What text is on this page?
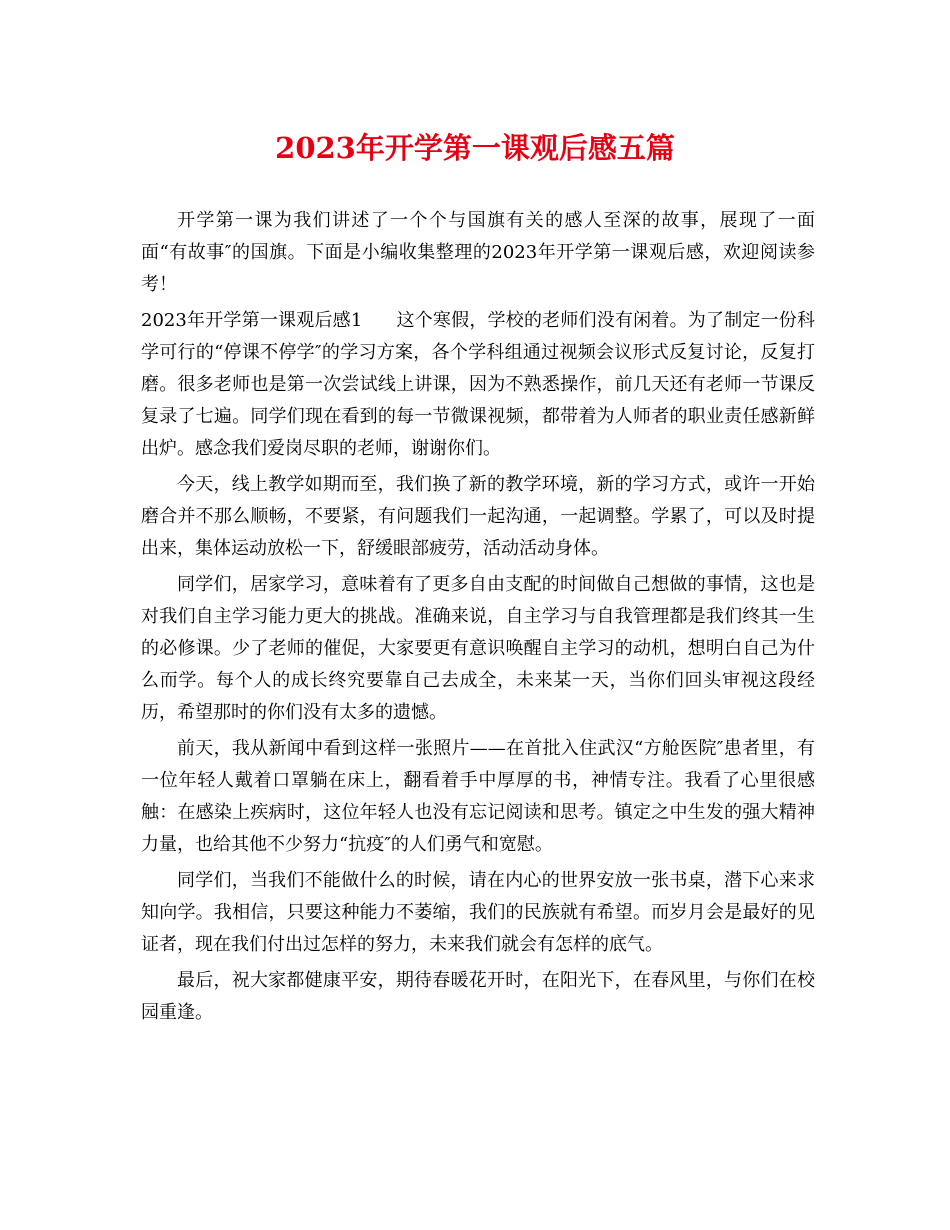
2023年开学第一课观后感五篇

开学第一课为我们讲述了一个个与国旗有关的感人至深的故事，展现了一面面“有故事″的国旗。下面是小编收集整理的2023年开学第一课观后感，欢迎阅读参考！

2023年开学第一课观后感1 这个寒假，学校的老师们没有闲着。为了制定一份科学可行的“停课不停学″的学习方案，各个学科组通过视频会议形式反复讨论，反复打磨。很多老师也是第一次尝试线上讲课，因为不熟悉操作，前几天还有老师一节课反复录了七遍。同学们现在看到的每一节微课视频，都带着为人师者的职业责任感新鲜出炉。感念我们爱岗尽职的老师，谢谢你们。

今天，线上教学如期而至，我们换了新的教学环境，新的学习方式，或许一开始磨合并不那么顺畅，不要紧，有问题我们一起沟通，一起调整。学累了，可以及时提出来，集体运动放松一下，舒缓眼部疲劳，活动活动身体。

同学们，居家学习，意味着有了更多自由支配的时间做自己想做的事情，这也是对我们自主学习能力更大的挑战。准确来说，自主学习与自我管理都是我们终其一生的必修课。少了老师的催促，大家要更有意识唤醒自主学习的动机，想明白自己为什么而学。每个人的成长终究要靠自己去成全，未来某一天，当你们回头审视这段经历，希望那时的你们没有太多的遗憾。

前天，我从新闻中看到这样一张照片——在首批入住武汉“方舱医院″患者里，有一位年轻人戴着口罩躺在床上，翻看着手中厚厚的书，神情专注。我看了心里很感触：在感染上疾病时，这位年轻人也没有忘记阅读和思考。镇定之中生发的强大精神力量，也给其他不少努力“抗疫″的人们勇气和宽慰。

同学们，当我们不能做什么的时候，请在内心的世界安放一张书桌，潜下心来求知向学。我相信，只要这种能力不萎缩，我们的民族就有希望。而岁月会是最好的见证者，现在我们付出过怎样的努力，未来我们就会有怎样的底气。

最后，祝大家都健康平安，期待春暖花开时，在阳光下，在春风里，与你们在校园重逢。
